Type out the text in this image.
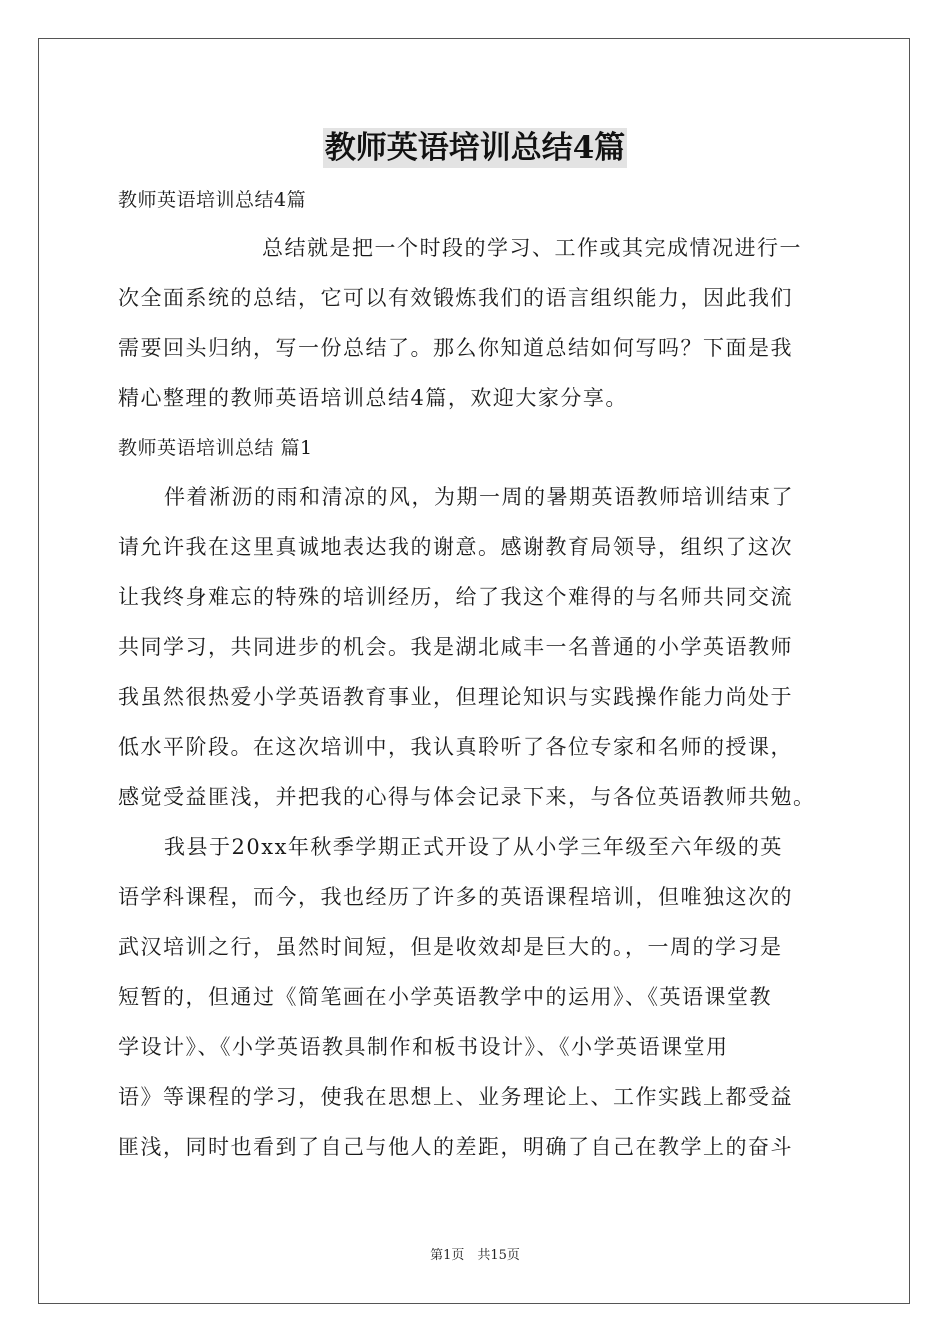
教师英语培训总结4篇
教师英语培训总结4篇
总结就是把一个时段的学习、工作或其完成情况进行一
次全面系统的总结，它可以有效锻炼我们的语言组织能力，因此我们
需要回头归纳，写一份总结了。那么你知道总结如何写吗？下面是我
精心整理的教师英语培训总结4篇，欢迎大家分享。
教师英语培训总结 篇1
伴着淅沥的雨和清凉的风，为期一周的暑期英语教师培训结束了
请允许我在这里真诚地表达我的谢意。感谢教育局领导，组织了这次
让我终身难忘的特殊的培训经历，给了我这个难得的与名师共同交流
共同学习，共同进步的机会。我是湖北咸丰一名普通的小学英语教师
我虽然很热爱小学英语教育事业，但理论知识与实践操作能力尚处于
低水平阶段。在这次培训中，我认真聆听了各位专家和名师的授课，
感觉受益匪浅，并把我的心得与体会记录下来，与各位英语教师共勉。
我县于20xx年秋季学期正式开设了从小学三年级至六年级的英
语学科课程，而今，我也经历了许多的英语课程培训，但唯独这次的
武汉培训之行，虽然时间短，但是收效却是巨大的。，一周的学习是
短暂的，但通过《简笔画在小学英语教学中的运用》、《英语课堂教
学设计》、《小学英语教具制作和板书设计》、《小学英语课堂用
语》等课程的学习，使我在思想上、业务理论上、工作实践上都受益
匪浅，同时也看到了自己与他人的差距，明确了自己在教学上的奋斗
第1页　共15页
